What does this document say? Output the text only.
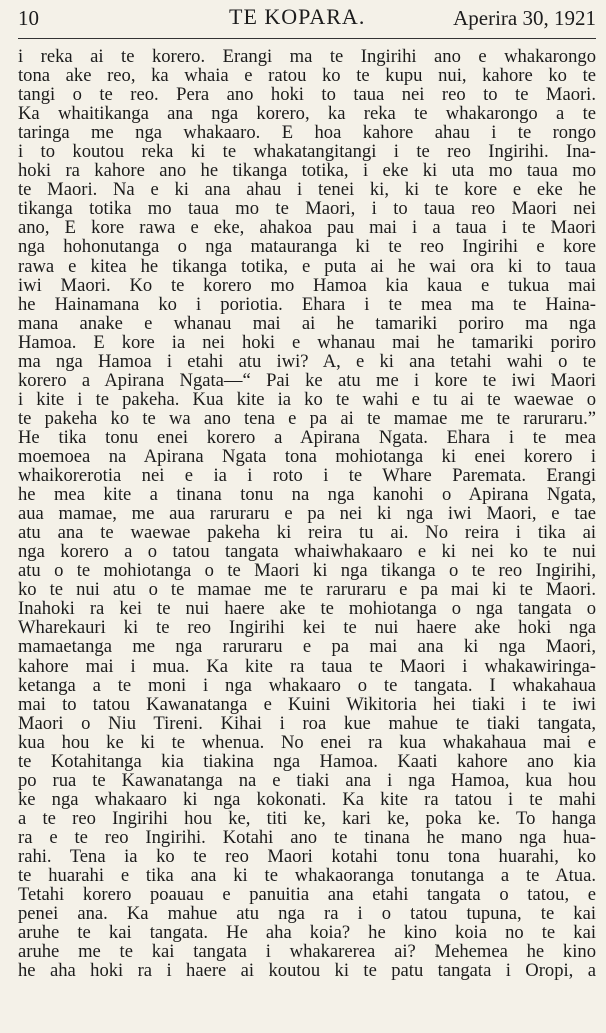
10	TE KOPARA.	Aperira 30, 1921
i reka ai te korero. Erangi ma te Ingirihi ano e whakarongo
tona ake reo, ka whaia e ratou ko te kupu nui, kahore ko te
tangi o te reo. Pera ano hoki to taua nei reo to te Maori.
Ka whaitikanga ana nga korero, ka reka te whakarongo a te
taringa me nga whakaaro. E hoa kahore ahau i te rongo
i to koutou reka ki te whakatangitangi i te reo Ingirihi. Ina-
hoki ra kahore ano he tikanga totika, i eke ki uta mo taua mo
te Maori. Na e ki ana ahau i tenei ki, ki te kore e eke he
tikanga totika mo taua mo te Maori, i to taua reo Maori nei
ano, E kore rawa e eke, ahakoa pau mai i a taua i te Maori
nga hohonutanga o nga matauranga ki te reo Ingirihi e kore
rawa e kitea he tikanga totika, e puta ai he wai ora ki to taua
iwi Maori. Ko te korero mo Hamoa kia kaua e tukua mai
he Hainamana ko i poriotia. Ehara i te mea ma te Haina-
mana anake e whanau mai ai he tamariki poriro ma nga
Hamoa. E kore ia nei hoki e whanau mai he tamariki poriro
ma nga Hamoa i etahi atu iwi? A, e ki ana tetahi wahi o te
korero a Apirana Ngata—“ Pai ke atu me i kore te iwi Maori
i kite i te pakeha. Kua kite ia ko te wahi e tu ai te waewae o
te pakeha ko te wa ano tena e pa ai te mamae me te raruraru.”
He tika tonu enei korero a Apirana Ngata. Ehara i te mea
moemoea na Apirana Ngata tona mohiotanga ki enei korero i
whaikorerotia nei e ia i roto i te Whare Paremata. Erangi
he mea kite a tinana tonu na nga kanohi o Apirana Ngata,
aua mamae, me aua raruraru e pa nei ki nga iwi Maori, e tae
atu ana te waewae pakeha ki reira tu ai. No reira i tika ai
nga korero a o tatou tangata whaiwhakaaro e ki nei ko te nui
atu o te mohiotanga o te Maori ki nga tikanga o te reo Ingirihi,
ko te nui atu o te mamae me te raruraru e pa mai ki te Maori.
Inahoki ra kei te nui haere ake te mohiotanga o nga tangata o
Wharekauri ki te reo Ingirihi kei te nui haere ake hoki nga
mamaetanga me nga raruraru e pa mai ana ki nga Maori,
kahore mai i mua. Ka kite ra taua te Maori i whakawiringa-
ketanga a te moni i nga whakaaro o te tangata. I whakahaua
mai to tatou Kawanatanga e Kuini Wikitoria hei tiaki i te iwi
Maori o Niu Tireni. Kihai i roa kue mahue te tiaki tangata,
kua hou ke ki te whenua. No enei ra kua whakahaua mai e
te Kotahitanga kia tiakina nga Hamoa. Kaati kahore ano kia
po rua te Kawanatanga na e tiaki ana i nga Hamoa, kua hou
ke nga whakaaro ki nga kokonati. Ka kite ra tatou i te mahi
a te reo Ingirihi hou ke, titi ke, kari ke, poka ke. To hanga
ra e te reo Ingirihi. Kotahi ano te tinana he mano nga hua-
rahi. Tena ia ko te reo Maori kotahi tonu tona huarahi, ko
te huarahi e tika ana ki te whakaoranga tonutanga a te Atua.
Tetahi korero poauau e panuitia ana etahi tangata o tatou, e
penei ana. Ka mahue atu nga ra i o tatou tupuna, te kai
aruhe te kai tangata. He aha koia? he kino koia no te kai
aruhe me te kai tangata i whakarerea ai? Mehemea he kino
he aha hoki ra i haere ai koutou ki te patu tangata i Oropi, a
